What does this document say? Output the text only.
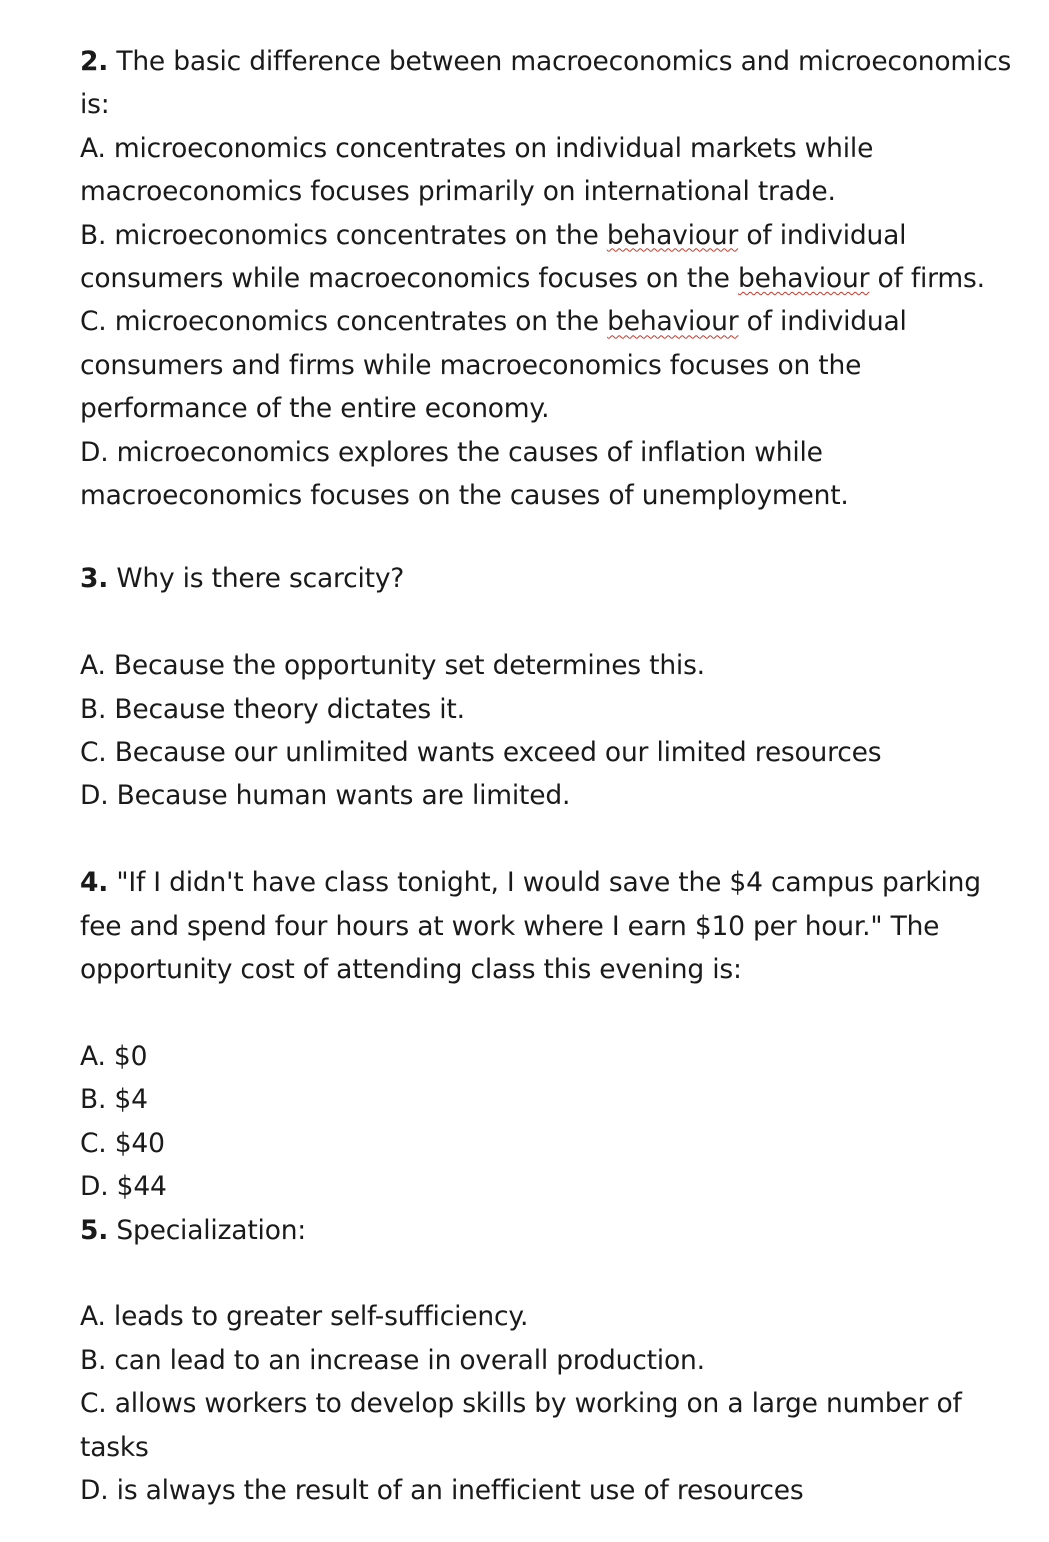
2. The basic difference between macroeconomics and microeconomics
is:
A. microeconomics concentrates on individual markets while
macroeconomics focuses primarily on international trade.
B. microeconomics concentrates on the behaviour of individual
consumers while macroeconomics focuses on the behaviour of firms.
C. microeconomics concentrates on the behaviour of individual
consumers and firms while macroeconomics focuses on the
performance of the entire economy.
D. microeconomics explores the causes of inflation while
macroeconomics focuses on the causes of unemployment.
3. Why is there scarcity?
A. Because the opportunity set determines this.
B. Because theory dictates it.
C. Because our unlimited wants exceed our limited resources
D. Because human wants are limited.
4. "If I didn't have class tonight, I would save the $4 campus parking
fee and spend four hours at work where I earn $10 per hour." The
opportunity cost of attending class this evening is:
A. $0
B. $4
C. $40
D. $44
5. Specialization:
A. leads to greater self-sufficiency.
B. can lead to an increase in overall production.
C. allows workers to develop skills by working on a large number of
tasks
D. is always the result of an inefficient use of resources
